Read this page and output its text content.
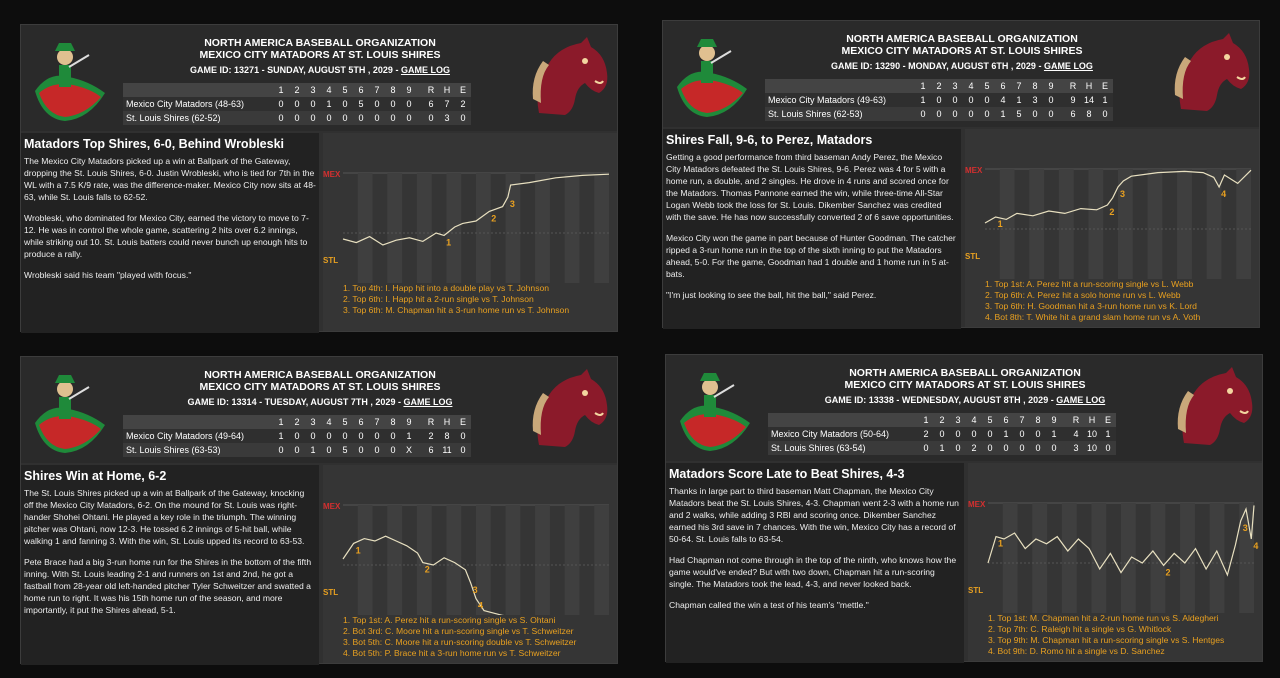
NORTH AMERICA BASEBALL ORGANIZATION
MEXICO CITY MATADORS AT ST. LOUIS SHIRES
GAME ID: 13271 - SUNDAY, AUGUST 5TH , 2029 - GAME LOG
	1	2	3	4	5	6	7	8	9		R	H	E
Mexico City Matadors (48-63)	0	0	0	1	0	5	0	0	0		6	7	2
St. Louis Shires (62-52)	0	0	0	0	0	0	0	0	0		0	3	0
Matadors Top Shires, 6-0, Behind Wrobleski

The Mexico City Matadors picked up a win at Ballpark of the Gateway, dropping the St. Louis Shires, 6-0. Justin Wrobleski, who is tied for 7th in the WL with a 7.5 K/9 rate, was the difference-maker. Mexico City now sits at 48-63, while St. Louis falls to 62-52.

Wrobleski, who dominated for Mexico City, earned the victory to move to 7-12. He was in control the whole game, scattering 2 hits over 6.2 innings, while striking out 10. St. Louis batters could never bunch up enough hits to produce a rally.

Wrobleski said his team "played with focus."

MEX
STL
1
2
3
1. Top 4th: I. Happ hit into a double play vs T. Johnson
2. Top 6th: I. Happ hit a 2-run single vs T. Johnson
3. Top 6th: M. Chapman hit a 3-run home run vs T. Johnson
NORTH AMERICA BASEBALL ORGANIZATION
MEXICO CITY MATADORS AT ST. LOUIS SHIRES
GAME ID: 13290 - MONDAY, AUGUST 6TH , 2029 - GAME LOG
	1	2	3	4	5	6	7	8	9		R	H	E
Mexico City Matadors (49-63)	1	0	0	0	0	4	1	3	0		9	14	1
St. Louis Shires (62-53)	0	0	0	0	0	1	5	0	0		6	8	0
Shires Fall, 9-6, to Perez, Matadors

Getting a good performance from third baseman Andy Perez, the Mexico City Matadors defeated the St. Louis Shires, 9-6. Perez was 4 for 5 with a home run, a double, and 2 singles. He drove in 4 runs and scored once for the Matadors. Thomas Pannone earned the win, while three-time All-Star Logan Webb took the loss for St. Louis. Dikember Sanchez was credited with the save. He has now successfully converted 2 of 6 save opportunities.

Mexico City won the game in part because of Hunter Goodman. The catcher ripped a 3-run home run in the top of the sixth inning to put the Matadors ahead, 5-0. For the game, Goodman had 1 double and 1 home run in 5 at-bats.

"I'm just looking to see the ball, hit the ball," said Perez.

MEX
STL
1
2
3	4
1. Top 1st: A. Perez hit a run-scoring single vs L. Webb
2. Top 6th: A. Perez hit a solo home run vs L. Webb
3. Top 6th: H. Goodman hit a 3-run home run vs K. Lord
4. Bot 8th: T. White hit a grand slam home run vs A. Voth
NORTH AMERICA BASEBALL ORGANIZATION
MEXICO CITY MATADORS AT ST. LOUIS SHIRES
GAME ID: 13314 - TUESDAY, AUGUST 7TH , 2029 - GAME LOG
	1	2	3	4	5	6	7	8	9		R	H	E
Mexico City Matadors (49-64)	1	0	0	0	0	0	0	0	1		2	8	0
St. Louis Shires (63-53)	0	0	1	0	5	0	0	0	X		6	11	0
Shires Win at Home, 6-2

The St. Louis Shires picked up a win at Ballpark of the Gateway, knocking off the Mexico City Matadors, 6-2. On the mound for St. Louis was right-hander Shohei Ohtani. He played a key role in the triumph. The winning pitcher was Ohtani, now 12-3. He tossed 6.2 innings of 5-hit ball, while walking 1 and fanning 3. With the win, St. Louis upped its record to 63-53.

Pete Brace had a big 3-run home run for the Shires in the bottom of the fifth inning. With St. Louis leading 2-1 and runners on 1st and 2nd, he got a fastball from 28-year old left-handed pitcher Tyler Schweitzer and swatted a home run to right. It was his 15th home run of the season, and more importantly, it put the Shires ahead, 5-1.

MEX
STL
1
2
3
4
1. Top 1st: A. Perez hit a run-scoring single vs S. Ohtani
2. Bot 3rd: C. Moore hit a run-scoring single vs T. Schweitzer
3. Bot 5th: C. Moore hit a run-scoring double vs T. Schweitzer
4. Bot 5th: P. Brace hit a 3-run home run vs T. Schweitzer
NORTH AMERICA BASEBALL ORGANIZATION
MEXICO CITY MATADORS AT ST. LOUIS SHIRES
GAME ID: 13338 - WEDNESDAY, AUGUST 8TH , 2029 - GAME LOG
	1	2	3	4	5	6	7	8	9		R	H	E
Mexico City Matadors (50-64)	2	0	0	0	0	1	0	0	1		4	10	1
St. Louis Shires (63-54)	0	1	0	2	0	0	0	0	0		3	10	0
Matadors Score Late to Beat Shires, 4-3

Thanks in large part to third baseman Matt Chapman, the Mexico City Matadors beat the St. Louis Shires, 4-3. Chapman went 2-3 with a home run and 2 walks, while adding 3 RBI and scoring once. Dikember Sanchez earned his 3rd save in 7 chances. With the win, Mexico City has a record of 50-64. St. Louis falls to 63-54.

Had Chapman not come through in the top of the ninth, who knows how the game would've ended? But with two down, Chapman hit a run-scoring single. The Matadors took the lead, 4-3, and never looked back.

Chapman called the win a test of his team's "mettle."

MEX
STL
1
2
3
4
1. Top 1st: M. Chapman hit a 2-run home run vs S. Aldegheri
2. Top 7th: C. Raleigh hit a single vs G. Whitlock
3. Top 9th: M. Chapman hit a run-scoring single vs S. Hentges
4. Bot 9th: D. Romo hit a single vs D. Sanchez
